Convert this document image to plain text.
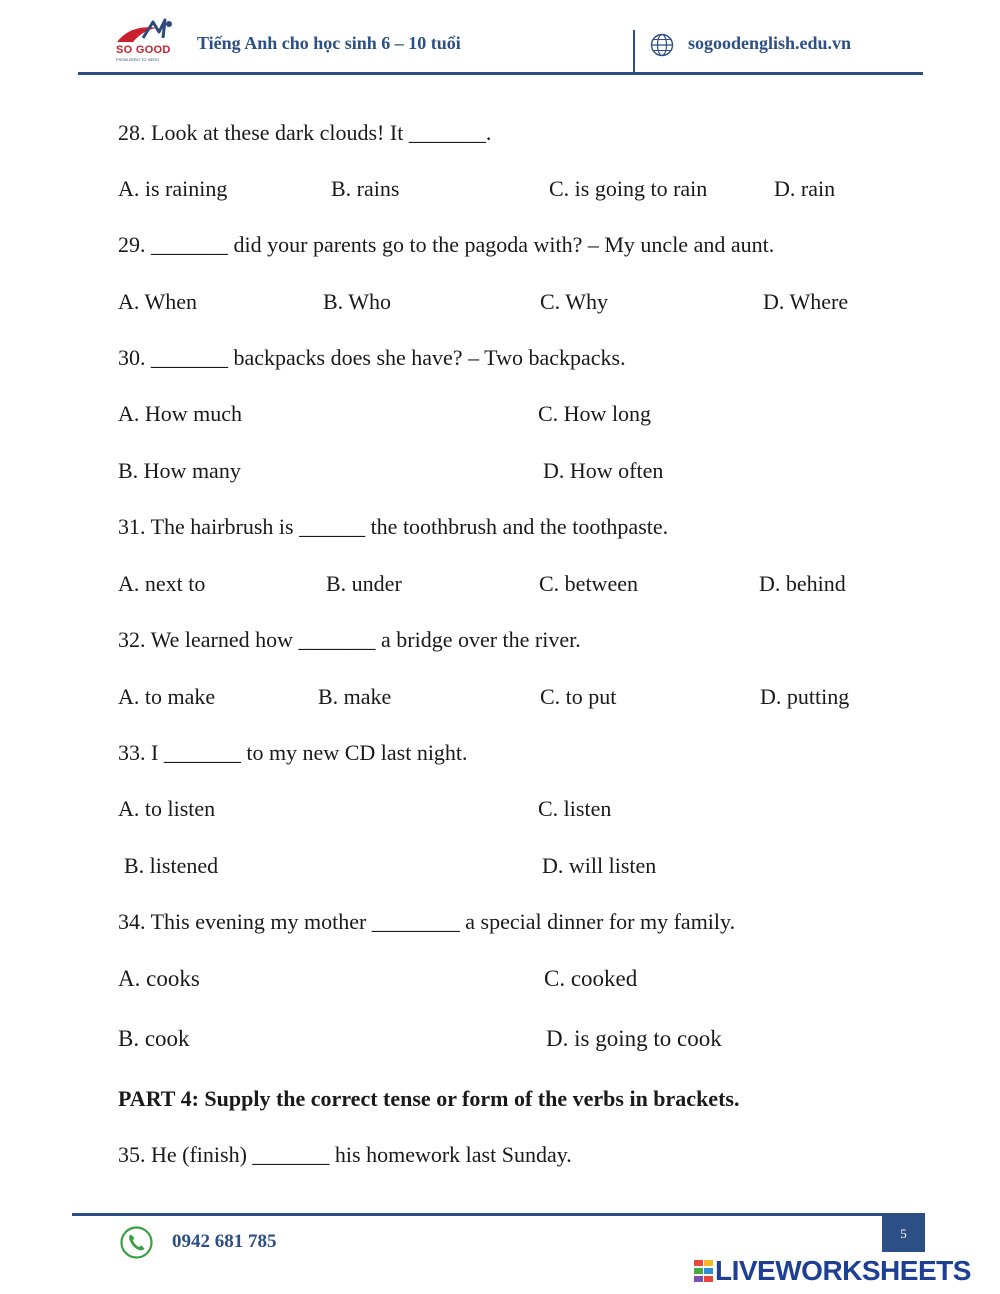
SO GOOD
FROM ZERO TO HERO
Tiếng Anh cho học sinh 6 – 10 tuổi	sogoodenglish.edu.vn
28. Look at these dark clouds! It _______.
A. is raining	B. rains	C. is going to rain	D. rain
29. _______ did your parents go to the pagoda with? – My uncle and aunt.
A. When	B. Who	C. Why	D. Where
30. _______ backpacks does she have? – Two backpacks.
A. How much	C. How long
B. How many	D. How often
31. The hairbrush is ______ the toothbrush and the toothpaste.
A. next to	B. under	C. between	D. behind
32. We learned how _______ a bridge over the river.
A. to make	B. make	C. to put	D. putting
33. I _______ to my new CD last night.
A. to listen	C. listen
B. listened	D. will listen
34. This evening my mother ________ a special dinner for my family.
A. cooks	C. cooked
B. cook	D. is going to cook
PART 4: Supply the correct tense or form of the verbs in brackets.
35. He (finish) _______ his homework last Sunday.
0942 681 785	5
LIVEWORKSHEETS
